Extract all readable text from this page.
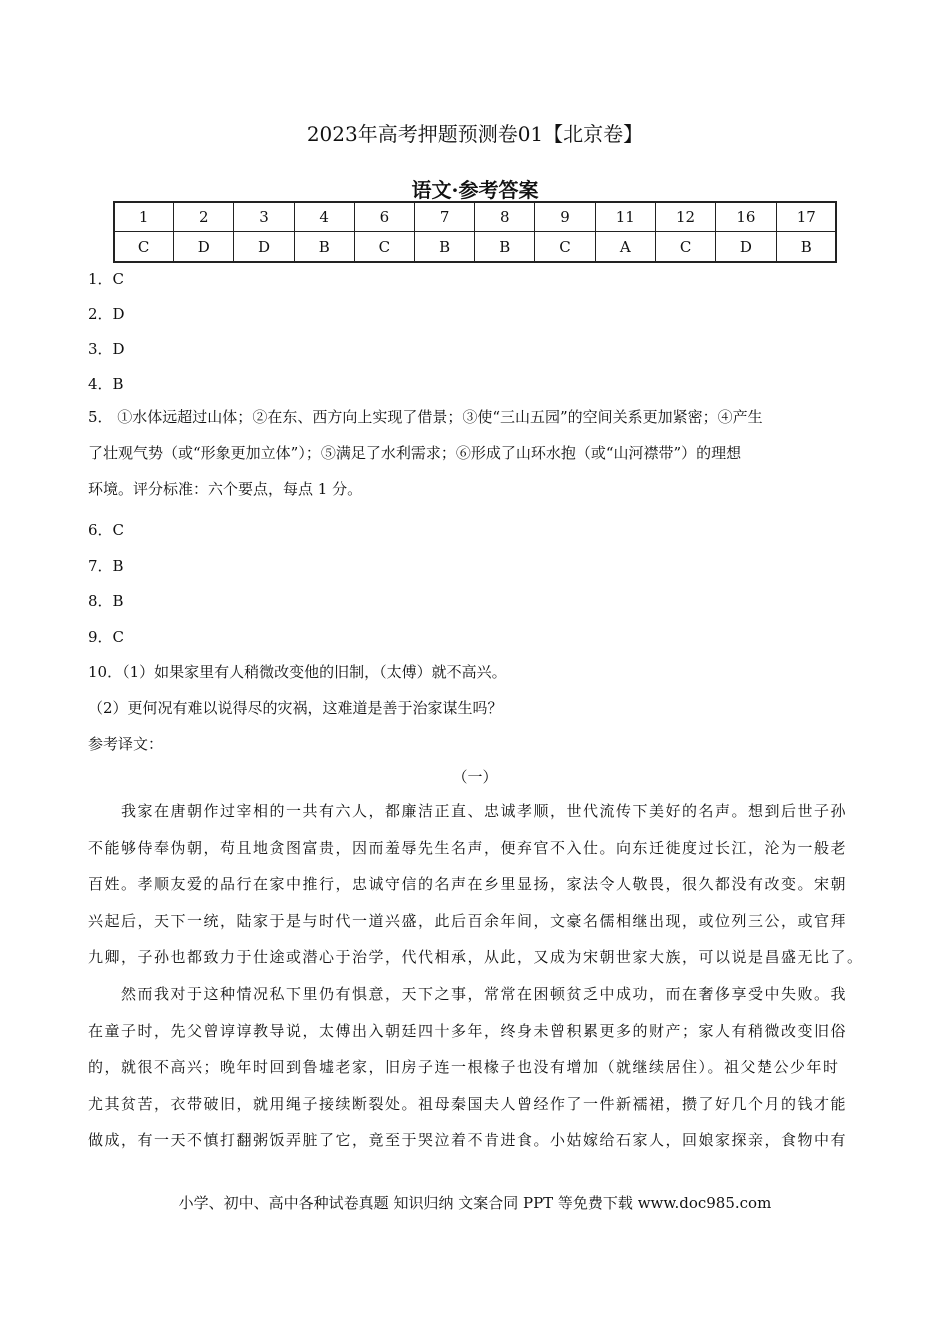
2023年高考押题预测卷01【北京卷】
语文·参考答案
1	2	3	4	6	7	8	9	11	12	16	17
C	D	D	B	C	B	B	C	A	C	D	B
1．C
2．D
3．D
4．B
5． ①水体远超过山体；②在东、西方向上实现了借景；③使“三山五园”的空间关系更加紧密；④产生
了壮观气势（或“形象更加立体”）；⑤满足了水利需求；⑥形成了山环水抱（或“山河襟带”）的理想
环境。评分标准：六个要点，每点 1 分。
6．C
7．B
8．B
9．C
10．（1）如果家里有人稍微改变他的旧制，（太傅）就不高兴。
（2）更何况有难以说得尽的灾祸，这难道是善于治家谋生吗？
参考译文：
（一）
　　我家在唐朝作过宰相的一共有六人，都廉洁正直、忠诚孝顺，世代流传下美好的名声。想到后世子孙
不能够侍奉伪朝，苟且地贪图富贵，因而羞辱先生名声，便弃官不入仕。向东迁徙度过长江，沦为一般老
百姓。孝顺友爱的品行在家中推行，忠诚守信的名声在乡里显扬，家法令人敬畏，很久都没有改变。宋朝
兴起后，天下一统，陆家于是与时代一道兴盛，此后百余年间，文豪名儒相继出现，或位列三公，或官拜
九卿，子孙也都致力于仕途或潜心于治学，代代相承，从此，又成为宋朝世家大族，可以说是昌盛无比了。
　　然而我对于这种情况私下里仍有惧意，天下之事，常常在困顿贫乏中成功，而在奢侈享受中失败。我
在童子时，先父曾谆谆教导说，太傅出入朝廷四十多年，终身未曾积累更多的财产；家人有稍微改变旧俗
的，就很不高兴；晚年时回到鲁墟老家，旧房子连一根椽子也没有增加（就继续居住）。祖父楚公少年时
尤其贫苦，衣带破旧，就用绳子接续断裂处。祖母秦国夫人曾经作了一件新襦裙，攒了好几个月的钱才能
做成，有一天不慎打翻粥饭弄脏了它，竟至于哭泣着不肯进食。小姑嫁给石家人，回娘家探亲，食物中有
小学、初中、高中各种试卷真题 知识归纳 文案合同 PPT 等免费下载 www.doc985.com
